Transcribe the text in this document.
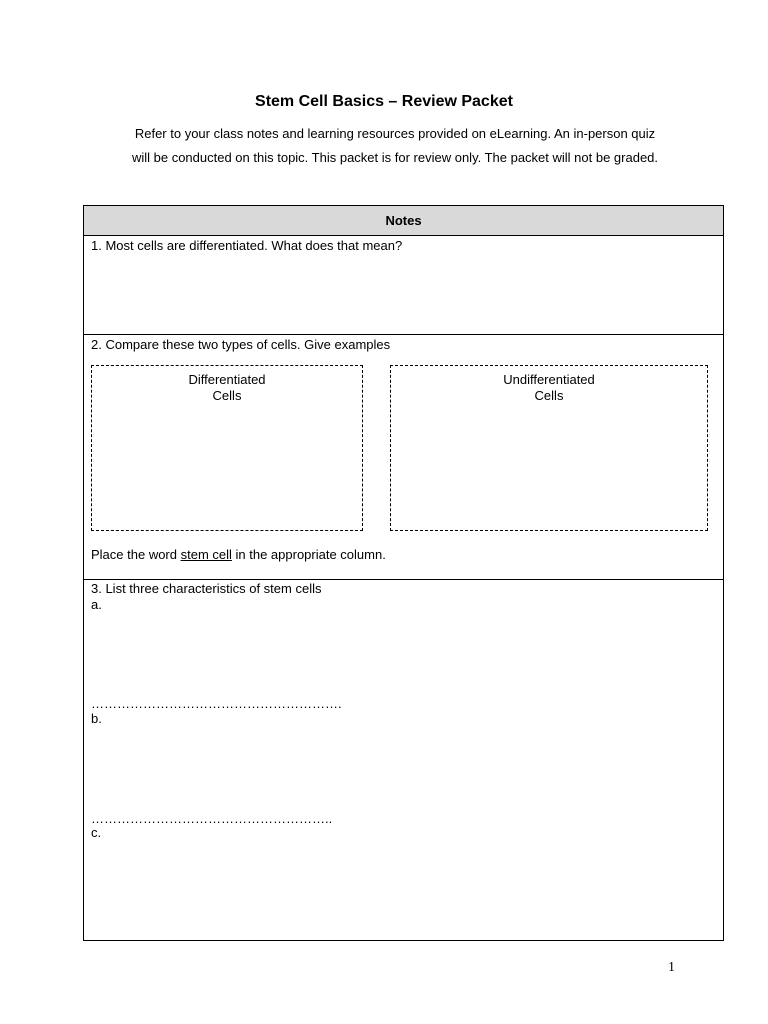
Stem Cell Basics – Review Packet
Refer to your class notes and learning resources provided on eLearning. An in-person quiz
will be conducted on this topic. This packet is for review only. The packet will not be graded.
Notes

1. Most cells are differentiated. What does that mean?

2. Compare these two types of cells. Give examples

Differentiated
Cells
Undifferentiated
Cells

Place the word stem cell in the appropriate column.

3. List three characteristics of stem cells

a.

………………………………………………….

b.

………………………………………………..

c.

1
